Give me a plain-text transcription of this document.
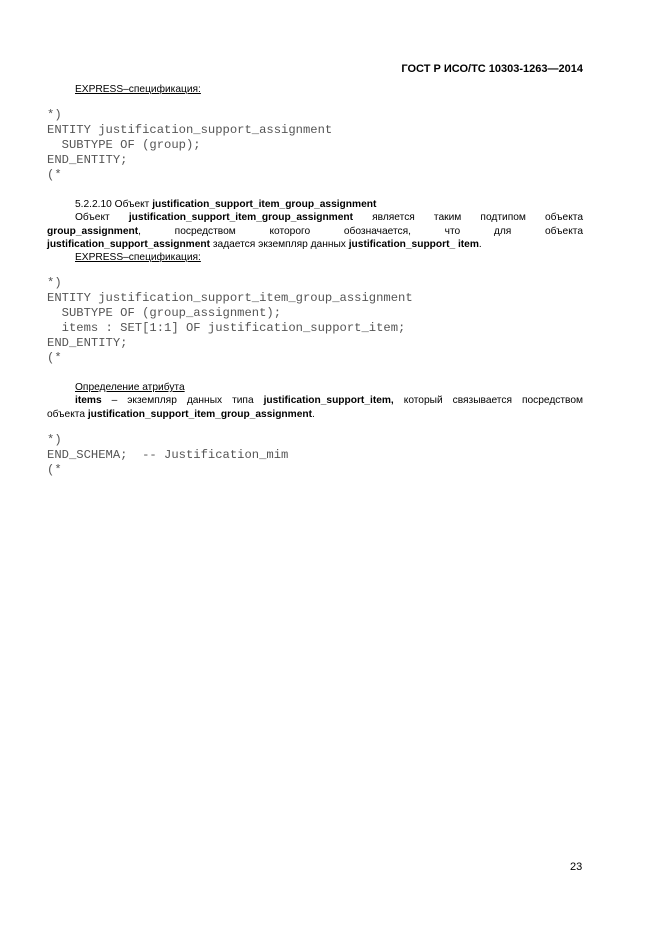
ГОСТ Р ИСО/ТС 10303-1263—2014
EXPRESS–спецификация:
*)
ENTITY justification_support_assignment
SUBTYPE OF (group);
END_ENTITY;
(*
5.2.2.10 Объект justification_support_item_group_assignment
Объект justification_support_item_group_assignment является таким подтипом объекта
group_assignment, посредством которого обозначается, что для объекта
justification_support_assignment задается экземпляр данных justification_support_ item.
EXPRESS–спецификация:
*)
ENTITY justification_support_item_group_assignment
SUBTYPE OF (group_assignment);
items : SET[1:1] OF justification_support_item;
END_ENTITY;
(*
Определение атрибута
items – экземпляр данных типа justification_support_item, который связывается посредством
объекта justification_support_item_group_assignment.
*)
END_SCHEMA;  -- Justification_mim
(*
23
